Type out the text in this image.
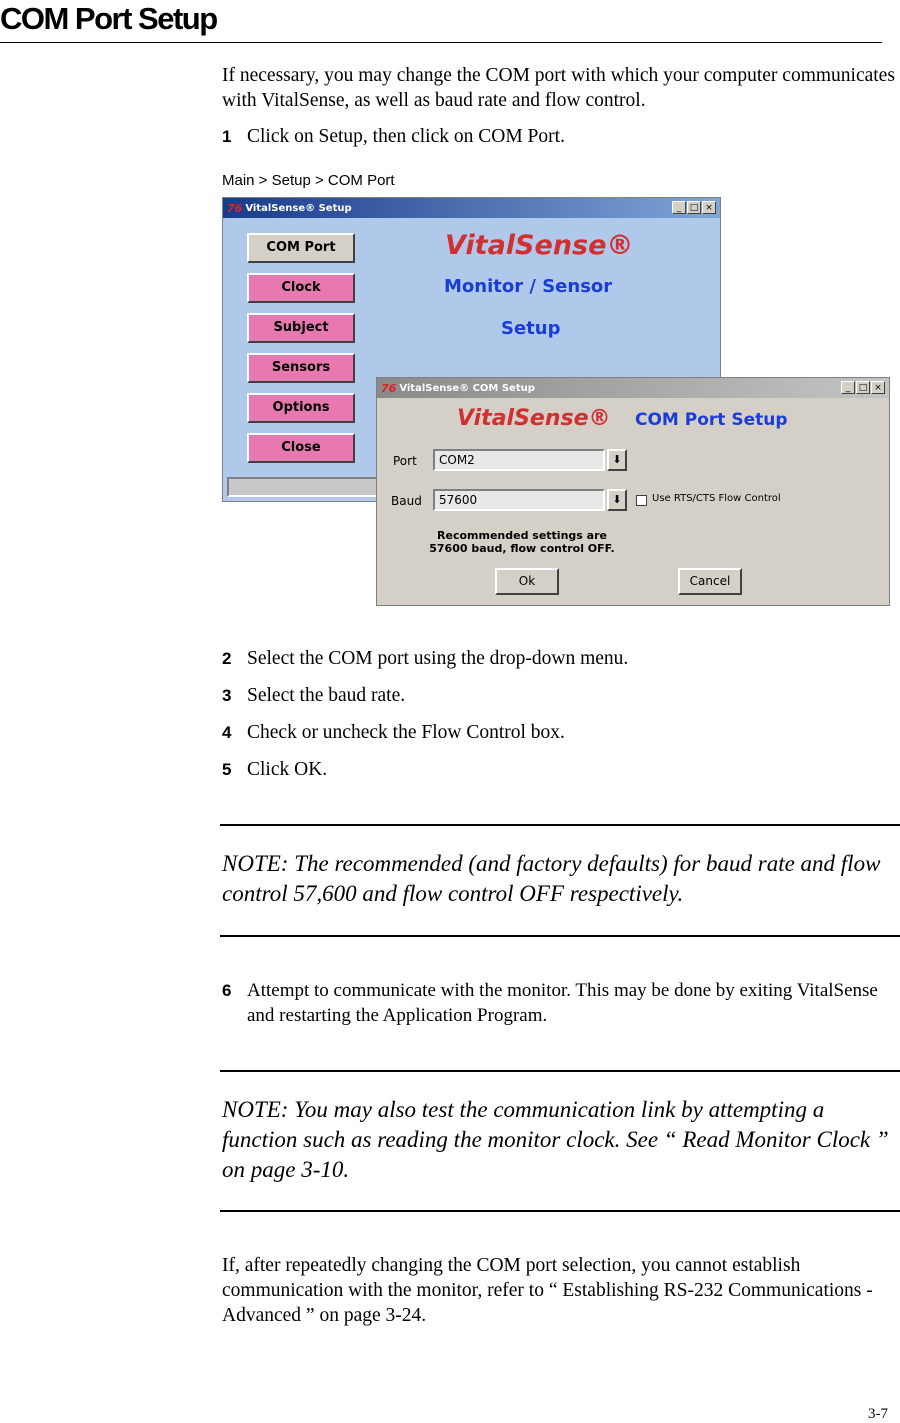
COM Port Setup
If necessary, you may change the COM port with which your computer communicates with VitalSense, as well as baud rate and flow control.
1 Click on Setup, then click on COM Port.
Main > Setup > COM Port
76 VitalSense® Setup	_ □ ×
COM Port
Clock
Subject
Sensors
Options
Close
VitalSense®
Monitor / Sensor
Setup
76 VitalSense® COM Setup	_ □ ×
VitalSense® COM Port Setup
Port	COM2	⬇
Baud	57600	⬇	Use RTS/CTS Flow Control
Recommended settings are
57600 baud, flow control OFF.
Ok	Cancel
2 Select the COM port using the drop-down menu.
3 Select the baud rate.
4 Check or uncheck the Flow Control box.
5 Click OK.
NOTE: The recommended (and factory defaults) for baud rate and flow control 57,600 and flow control OFF respectively.
6 Attempt to communicate with the monitor. This may be done by exiting VitalSense and restarting the Application Program.
NOTE: You may also test the communication link by attempting a function such as reading the monitor clock. See “ Read Monitor Clock ” on page 3-10.
If, after repeatedly changing the COM port selection, you cannot establish communication with the monitor, refer to “ Establishing RS-232 Communications - Advanced ” on page 3-24.
3-7
